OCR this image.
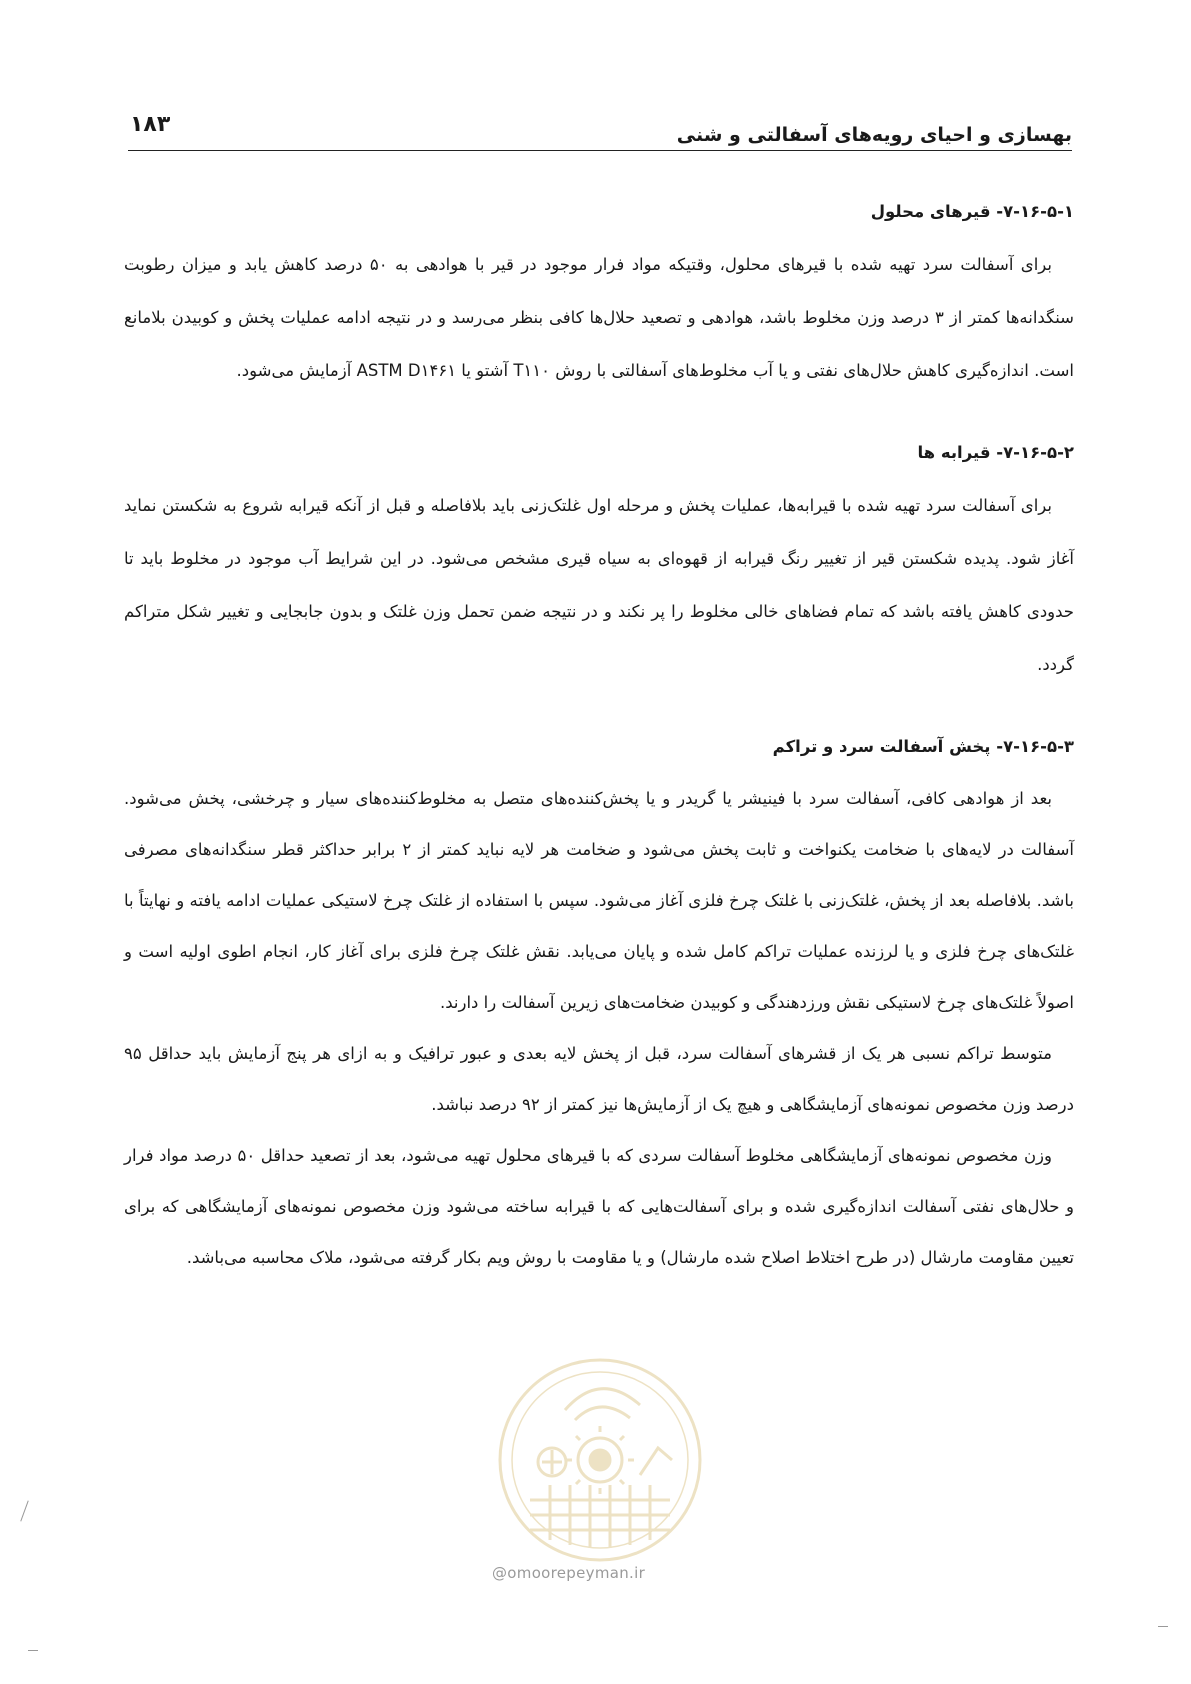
۱۸۳	بهسازی و احیای رویه‌های آسفالتی و شنی
۷-۱۶-۵-۱- قیرهای محلول

برای آسفالت سرد تهیه شده با قیرهای محلول، وقتیکه مواد فرار موجود در قیر با هوادهی به ۵۰ درصد کاهش یابد و میزان رطوبت سنگدانه‌ها کمتر از ۳ درصد وزن مخلوط باشد، هوادهی و تصعید حلال‌ها کافی بنظر می‌رسد و در نتیجه ادامه عملیات پخش و کوبیدن بلامانع است. اندازه‌گیری کاهش حلال‌های نفتی و یا آب مخلوط‌های آسفالتی با روش T۱۱۰ آشتو یا ASTM D۱۴۶۱ آزمایش می‌شود.

۷-۱۶-۵-۲- قیرابه ها

برای آسفالت سرد تهیه شده با قیرابه‌ها، عملیات پخش و مرحله اول غلتک‌زنی باید بلافاصله و قبل از آنکه قیرابه شروع به شکستن نماید آغاز شود. پدیده شکستن قیر از تغییر رنگ قیرابه از قهوه‌ای به سیاه قیری مشخص می‌شود. در این شرایط آب موجود در مخلوط باید تا حدودی کاهش یافته باشد که تمام فضاهای خالی مخلوط را پر نکند و در نتیجه ضمن تحمل وزن غلتک و بدون جابجایی و تغییر شکل متراکم گردد.

۷-۱۶-۵-۳- پخش آسفالت سرد و تراکم

بعد از هوادهی کافی، آسفالت سرد با فینیشر یا گریدر و یا پخش‌کننده‌های متصل به مخلوط‌کننده‌های سیار و چرخشی، پخش می‌شود. آسفالت در لایه‌های با ضخامت یکنواخت و ثابت پخش می‌شود و ضخامت هر لایه نباید کمتر از ۲ برابر حداکثر قطر سنگدانه‌های مصرفی باشد. بلافاصله بعد از پخش، غلتک‌زنی با غلتک چرخ فلزی آغاز می‌شود. سپس با استفاده از غلتک چرخ لاستیکی عملیات ادامه یافته و نهایتاً با غلتک‌های چرخ فلزی و یا لرزنده عملیات تراکم کامل شده و پایان می‌یابد. نقش غلتک چرخ فلزی برای آغاز کار، انجام اطوی اولیه است و اصولاً غلتک‌های چرخ لاستیکی نقش ورزدهندگی و کوبیدن ضخامت‌های زیرین آسفالت را دارند.

متوسط تراکم نسبی هر یک از قشرهای آسفالت سرد، قبل از پخش لایه بعدی و عبور ترافیک و به ازای هر پنج آزمایش باید حداقل ۹۵ درصد وزن مخصوص نمونه‌های آزمایشگاهی و هیچ یک از آزمایش‌ها نیز کمتر از ۹۲ درصد نباشد.

وزن مخصوص نمونه‌های آزمایشگاهی مخلوط آسفالت سردی که با قیرهای محلول تهیه می‌شود، بعد از تصعید حداقل ۵۰ درصد مواد فرار و حلال‌های نفتی آسفالت اندازه‌گیری شده و برای آسفالت‌هایی که با قیرابه ساخته می‌شود وزن مخصوص نمونه‌های آزمایشگاهی که برای تعیین مقاومت مارشال (در طرح اختلاط اصلاح شده مارشال) و یا مقاومت با روش ویم بکار گرفته می‌شود، ملاک محاسبه می‌باشد.

@omoorepeyman.ir
